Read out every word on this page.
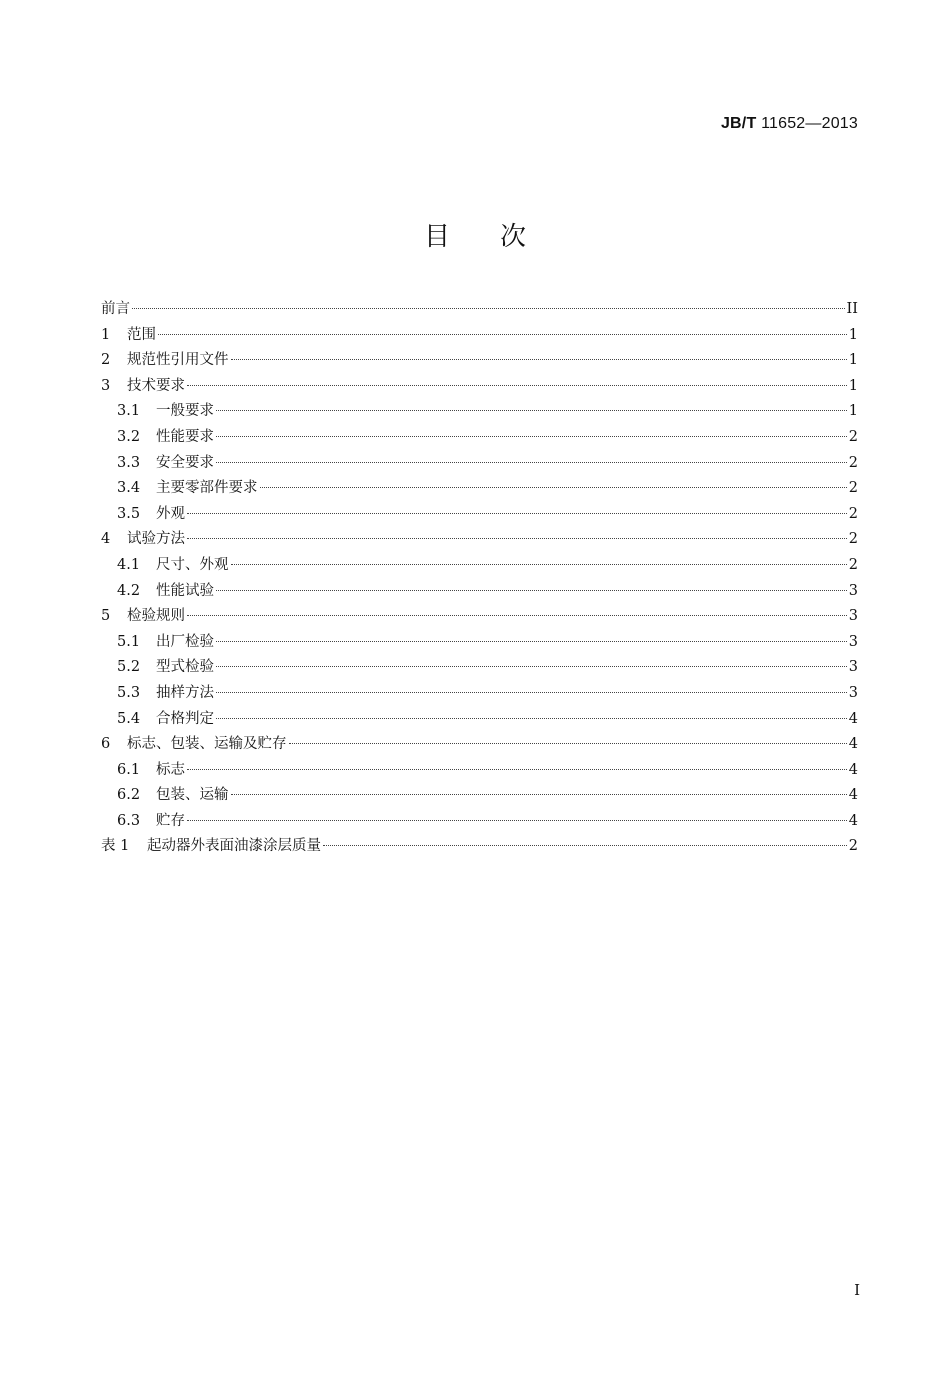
JB/T 11652—2013
目次
前言	II
1	范围	1
2	规范性引用文件	1
3	技术要求	1
3.1	一般要求	1
3.2	性能要求	2
3.3	安全要求	2
3.4	主要零部件要求	2
3.5	外观	2
4	试验方法	2
4.1	尺寸、外观	2
4.2	性能试验	3
5	检验规则	3
5.1	出厂检验	3
5.2	型式检验	3
5.3	抽样方法	3
5.4	合格判定	4
6	标志、包装、运输及贮存	4
6.1	标志	4
6.2	包装、运输	4
6.3	贮存	4
表 1	起动器外表面油漆涂层质量	2
I
